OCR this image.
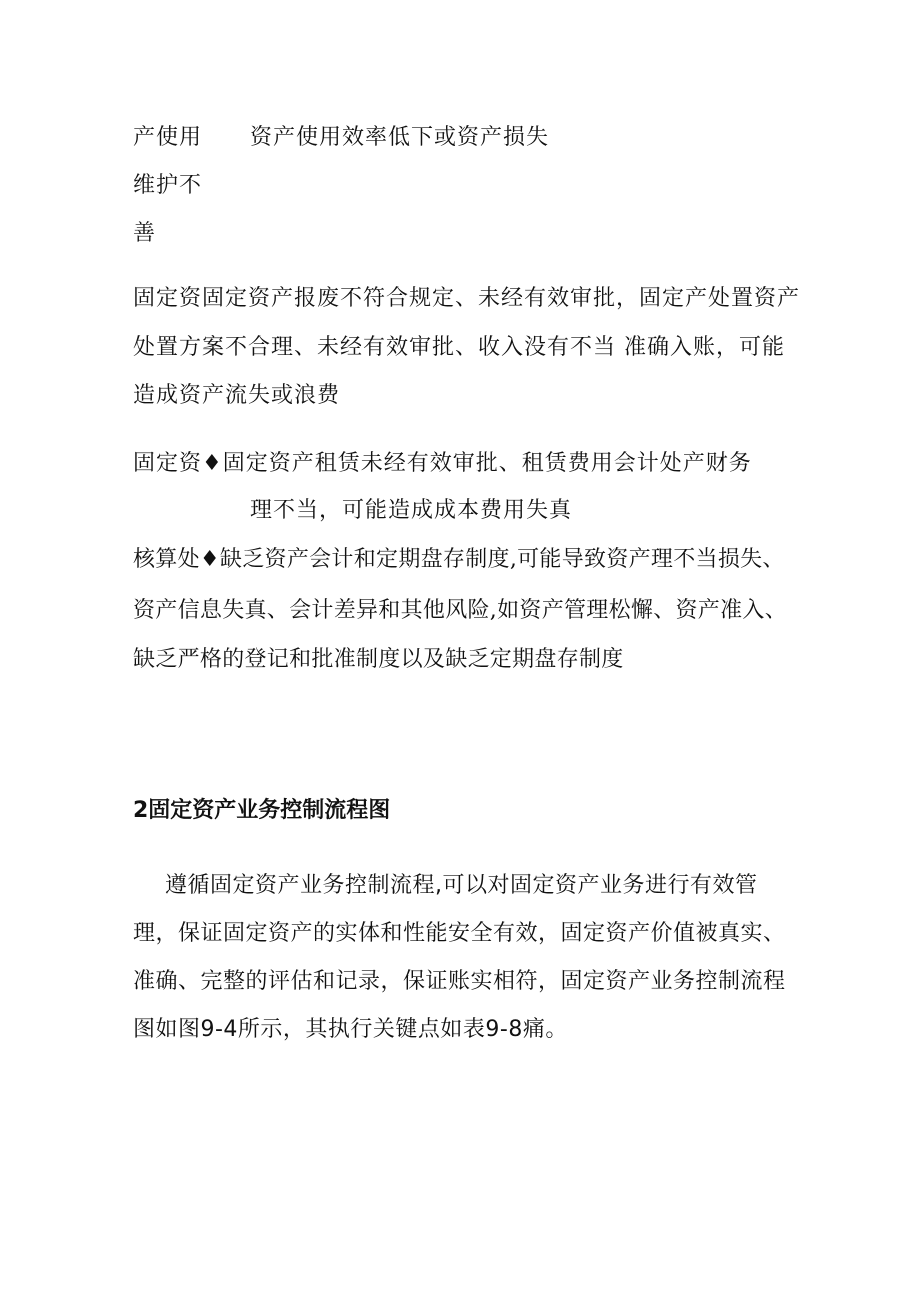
产使用 资产使用效率低下或资产损失
维护不
善
固定资固定资产报废不符合规定、未经有效审批，固定产处置资产
处置方案不合理、未经有效审批、收入没有不当 准确入账，可能
造成资产流失或浪费
固定资♦固定资产租赁未经有效审批、租赁费用会计处产财务
理不当，可能造成成本费用失真
核算处♦缺乏资产会计和定期盘存制度,可能导致资产理不当损失、
资产信息失真、会计差异和其他风险,如资产管理松懈、资产准入、
缺乏严格的登记和批准制度以及缺乏定期盘存制度
2固定资产业务控制流程图
遵循固定资产业务控制流程,可以对固定资产业务进行有效管
理，保证固定资产的实体和性能安全有效，固定资产价值被真实、
准确、完整的评估和记录，保证账实相符，固定资产业务控制流程
图如图9-4所示，其执行关键点如表9-8痛。
